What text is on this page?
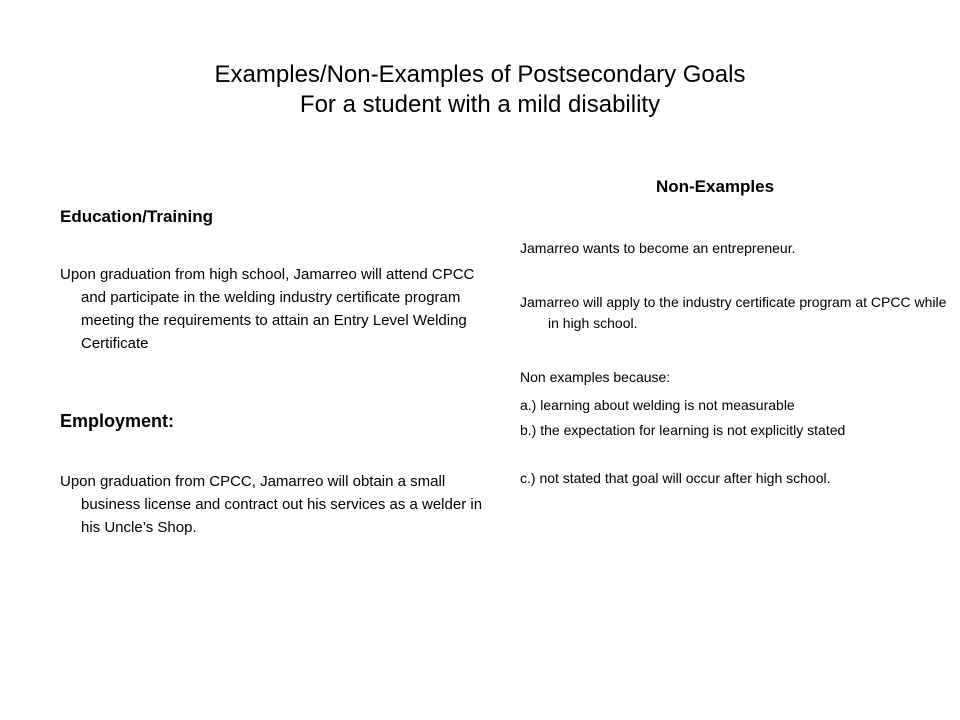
Examples/Non-Examples of Postsecondary Goals
For a student with a mild disability
Education/Training
Upon graduation from high school, Jamarreo will attend CPCC and participate in the welding industry certificate program meeting the requirements to attain an Entry Level Welding Certificate
Employment:
Upon graduation from CPCC, Jamarreo will obtain a small business license and contract out his services as a welder in his Uncle’s Shop.
Non-Examples
Jamarreo wants to become an entrepreneur.
Jamarreo will apply to the industry certificate program at CPCC while in high school.
Non examples because:
a.) learning about welding is not measurable
b.) the expectation for learning is not explicitly stated
c.) not stated that goal will occur after high school.
